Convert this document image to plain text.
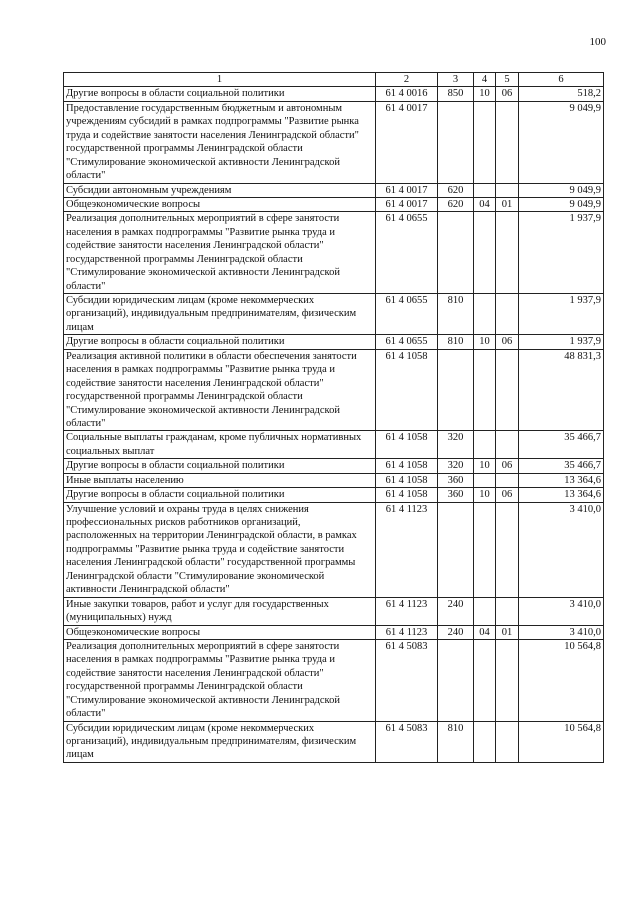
100
1	2	3	4	5	6
Другие вопросы в области социальной политики	61 4 0016	850	10	06	518,2
Предоставление государственным бюджетным и автономным учреждениям субсидий в рамках подпрограммы "Развитие рынка труда и содействие занятости населения Ленинградской области" государственной программы Ленинградской области "Стимулирование экономической активности Ленинградской области"	61 4 0017				9 049,9
Субсидии автономным учреждениям	61 4 0017	620			9 049,9
Общеэкономические вопросы	61 4 0017	620	04	01	9 049,9
Реализация дополнительных мероприятий в сфере занятости населения в рамках подпрограммы "Развитие рынка труда и содействие занятости населения Ленинградской области" государственной программы Ленинградской области "Стимулирование экономической активности Ленинградской области"	61 4 0655				1 937,9
Субсидии юридическим лицам (кроме некоммерческих организаций), индивидуальным предпринимателям, физическим лицам	61 4 0655	810			1 937,9
Другие вопросы в области социальной политики	61 4 0655	810	10	06	1 937,9
Реализация активной политики в области обеспечения занятости населения в рамках подпрограммы "Развитие рынка труда и содействие занятости населения Ленинградской области" государственной программы Ленинградской области "Стимулирование экономической активности Ленинградской области"	61 4 1058				48 831,3
Социальные выплаты гражданам, кроме публичных нормативных социальных выплат	61 4 1058	320			35 466,7
Другие вопросы в области социальной политики	61 4 1058	320	10	06	35 466,7
Иные выплаты населению	61 4 1058	360			13 364,6
Другие вопросы в области социальной политики	61 4 1058	360	10	06	13 364,6
Улучшение условий и охраны труда в целях снижения профессиональных рисков работников организаций, расположенных на территории Ленинградской области, в рамках подпрограммы "Развитие рынка труда и содействие занятости населения Ленинградской области" государственной программы Ленинградской области "Стимулирование экономической активности Ленинградской области"	61 4 1123				3 410,0
Иные закупки товаров, работ и услуг для государственных (муниципальных) нужд	61 4 1123	240			3 410,0
Общеэкономические вопросы	61 4 1123	240	04	01	3 410,0
Реализация дополнительных мероприятий в сфере занятости населения в рамках подпрограммы "Развитие рынка труда и содействие занятости населения Ленинградской области" государственной программы Ленинградской области "Стимулирование экономической активности Ленинградской области"	61 4 5083				10 564,8
Субсидии юридическим лицам (кроме некоммерческих организаций), индивидуальным предпринимателям, физическим лицам	61 4 5083	810			10 564,8
